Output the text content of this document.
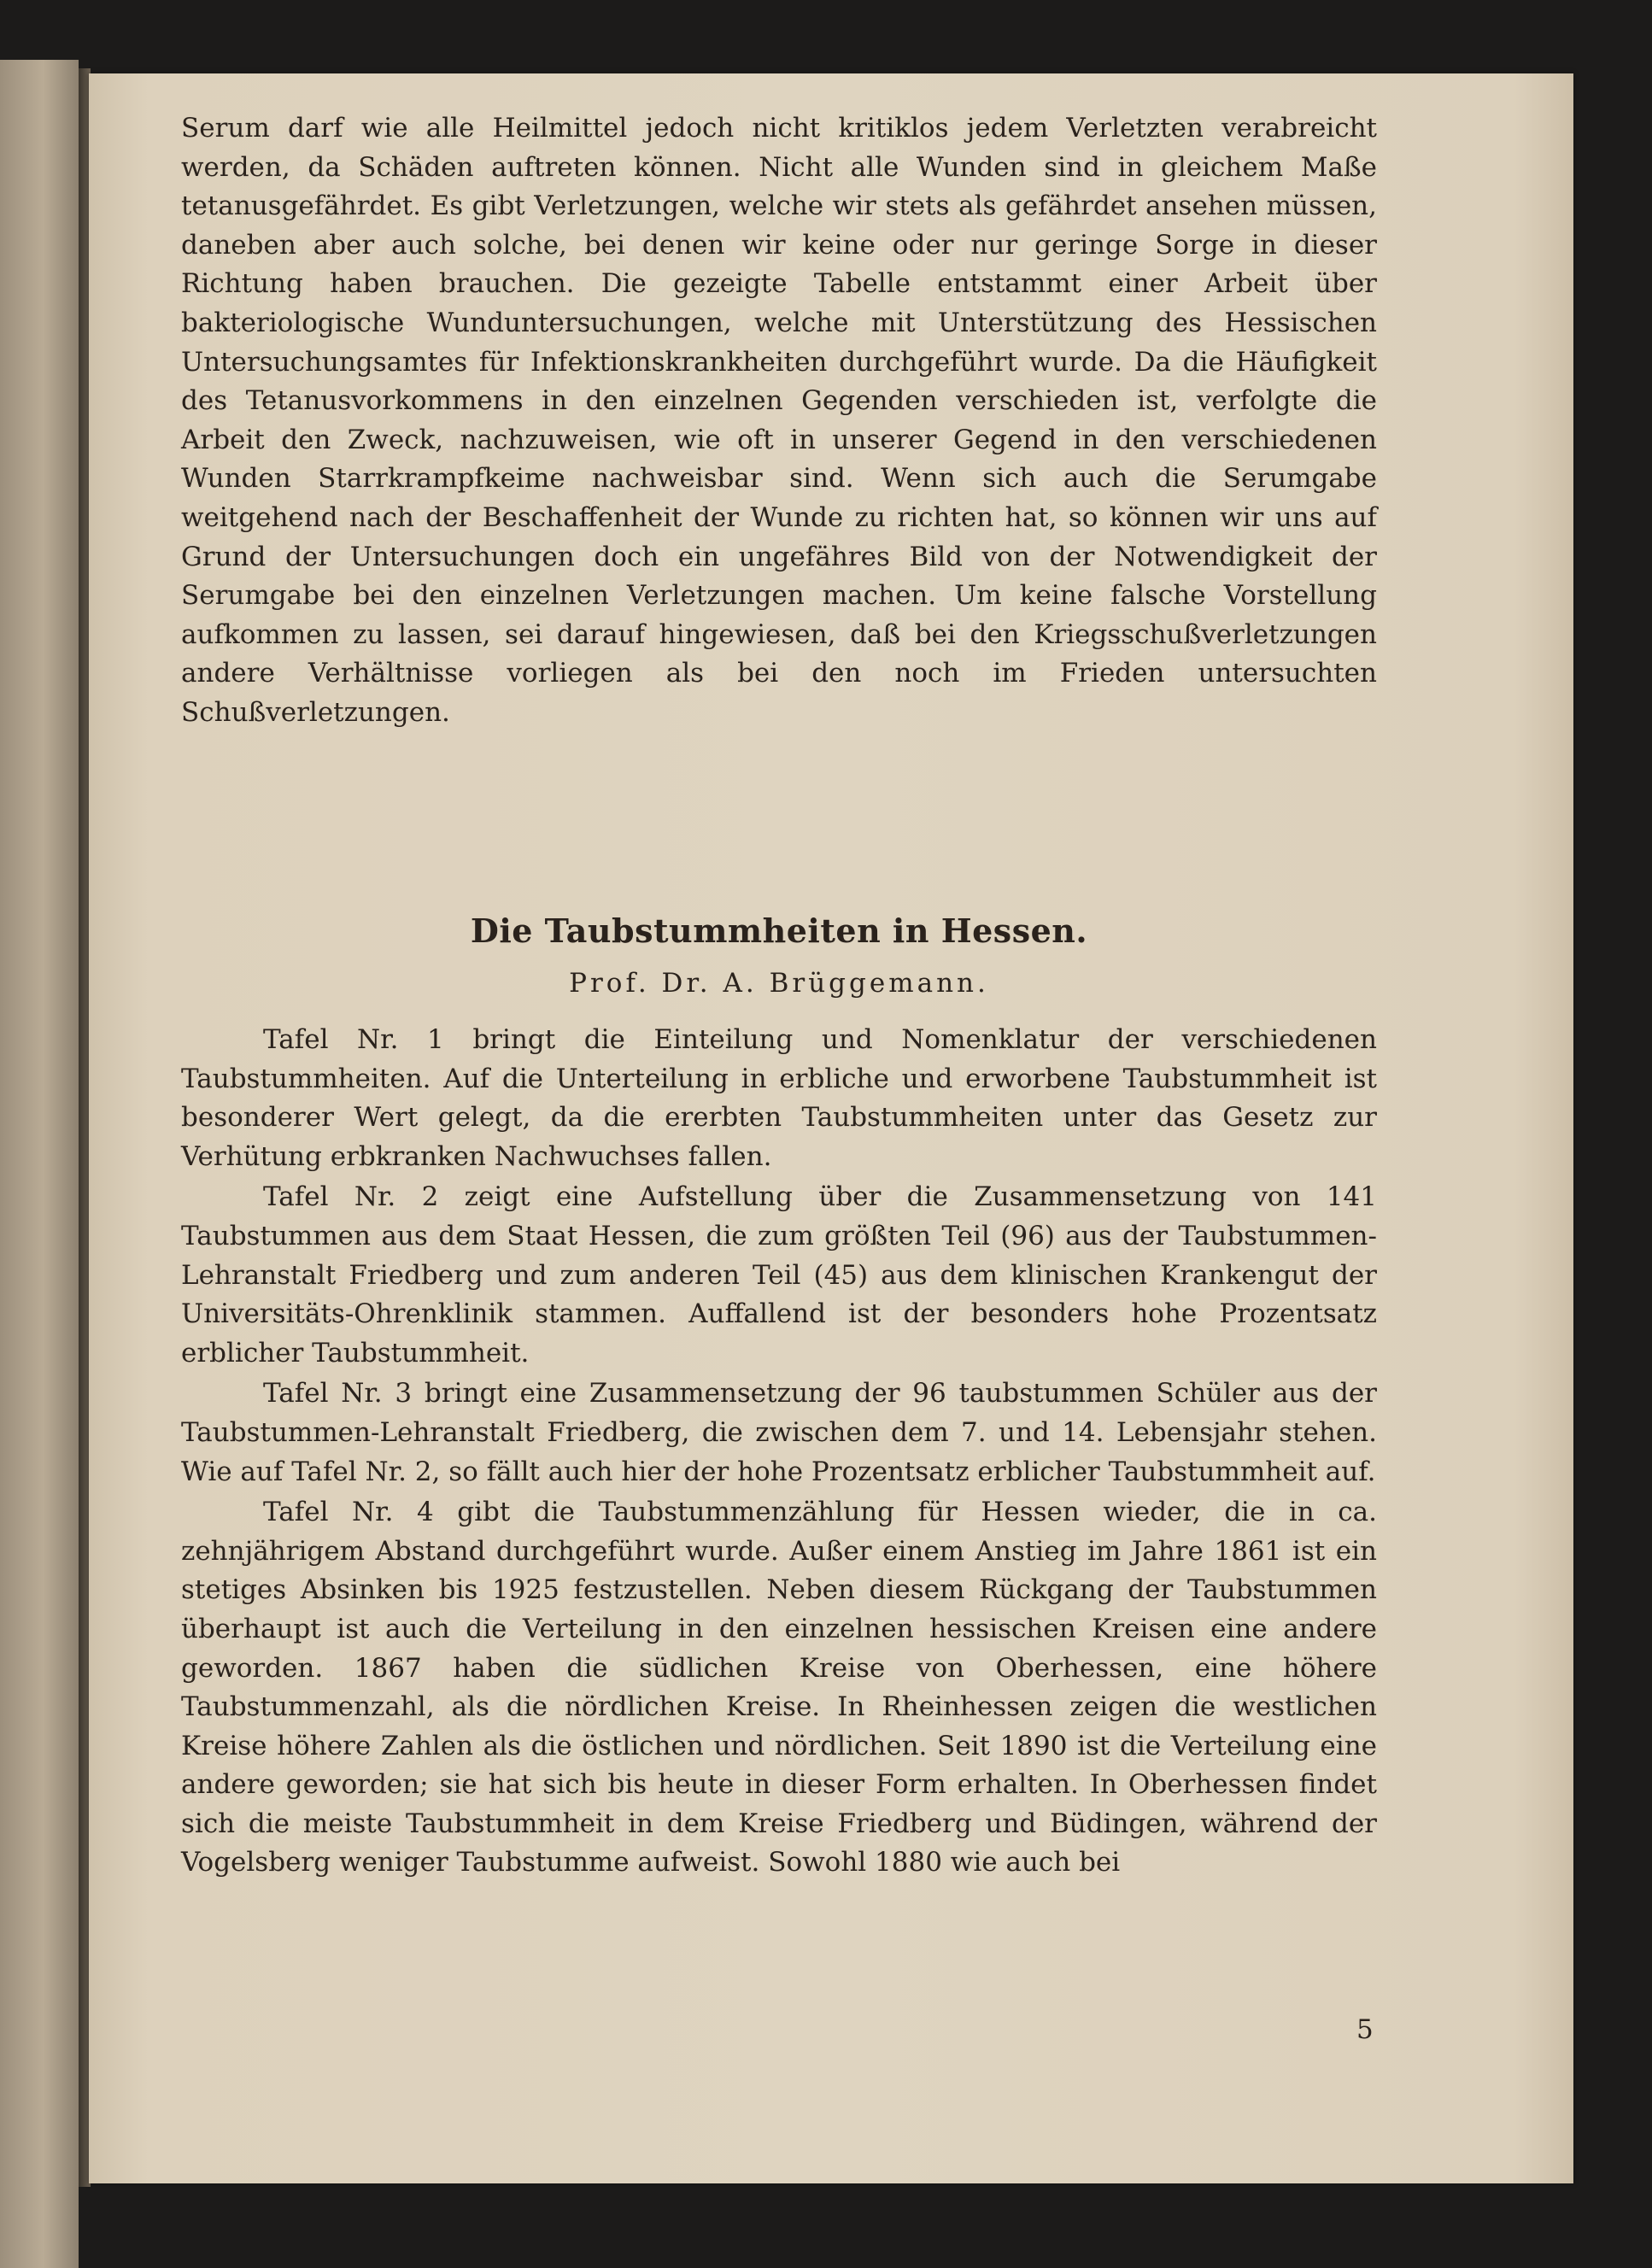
Serum darf wie alle Heilmittel jedoch nicht kritiklos jedem Verletzten verabreicht werden, da Schäden auftreten können. Nicht alle Wunden sind in gleichem Maße tetanusgefährdet. Es gibt Verletzungen, welche wir stets als gefährdet ansehen müssen, daneben aber auch solche, bei denen wir keine oder nur geringe Sorge in dieser Richtung haben brauchen. Die gezeigte Tabelle entstammt einer Arbeit über bakteriologische Wunduntersuchungen, welche mit Unterstützung des Hessischen Untersuchungsamtes für Infektionskrankheiten durchgeführt wurde. Da die Häufigkeit des Tetanusvorkommens in den einzelnen Gegenden verschieden ist, verfolgte die Arbeit den Zweck, nachzuweisen, wie oft in unserer Gegend in den verschiedenen Wunden Starrkrampfkeime nachweisbar sind. Wenn sich auch die Serumgabe weitgehend nach der Beschaffenheit der Wunde zu richten hat, so können wir uns auf Grund der Untersuchungen doch ein ungefähres Bild von der Notwendigkeit der Serumgabe bei den einzelnen Verletzungen machen. Um keine falsche Vorstellung aufkommen zu lassen, sei darauf hingewiesen, daß bei den Kriegsschußverletzungen andere Verhältnisse vorliegen als bei den noch im Frieden untersuchten Schußverletzungen.

Die Taubstummheiten in Hessen.
Prof. Dr. A. Brüggemann.

Tafel Nr. 1 bringt die Einteilung und Nomenklatur der verschiedenen Taubstummheiten. Auf die Unterteilung in erbliche und erworbene Taubstummheit ist besonderer Wert gelegt, da die ererbten Taubstummheiten unter das Gesetz zur Verhütung erbkranken Nachwuchses fallen.

Tafel Nr. 2 zeigt eine Aufstellung über die Zusammensetzung von 141 Taubstummen aus dem Staat Hessen, die zum größten Teil (96) aus der Taubstummen-Lehranstalt Friedberg und zum anderen Teil (45) aus dem klinischen Krankengut der Universitäts-Ohrenklinik stammen. Auffallend ist der besonders hohe Prozentsatz erblicher Taubstummheit.

Tafel Nr. 3 bringt eine Zusammensetzung der 96 taubstummen Schüler aus der Taubstummen-Lehranstalt Friedberg, die zwischen dem 7. und 14. Lebensjahr stehen. Wie auf Tafel Nr. 2, so fällt auch hier der hohe Prozentsatz erblicher Taubstummheit auf.

Tafel Nr. 4 gibt die Taubstummenzählung für Hessen wieder, die in ca. zehnjährigem Abstand durchgeführt wurde. Außer einem Anstieg im Jahre 1861 ist ein stetiges Absinken bis 1925 festzustellen. Neben diesem Rückgang der Taubstummen überhaupt ist auch die Verteilung in den einzelnen hessischen Kreisen eine andere geworden. 1867 haben die südlichen Kreise von Oberhessen, eine höhere Taubstummenzahl, als die nördlichen Kreise. In Rheinhessen zeigen die westlichen Kreise höhere Zahlen als die östlichen und nördlichen. Seit 1890 ist die Verteilung eine andere geworden; sie hat sich bis heute in dieser Form erhalten. In Oberhessen findet sich die meiste Taubstummheit in dem Kreise Friedberg und Büdingen, während der Vogelsberg weniger Taubstumme aufweist. Sowohl 1880 wie auch bei

5
